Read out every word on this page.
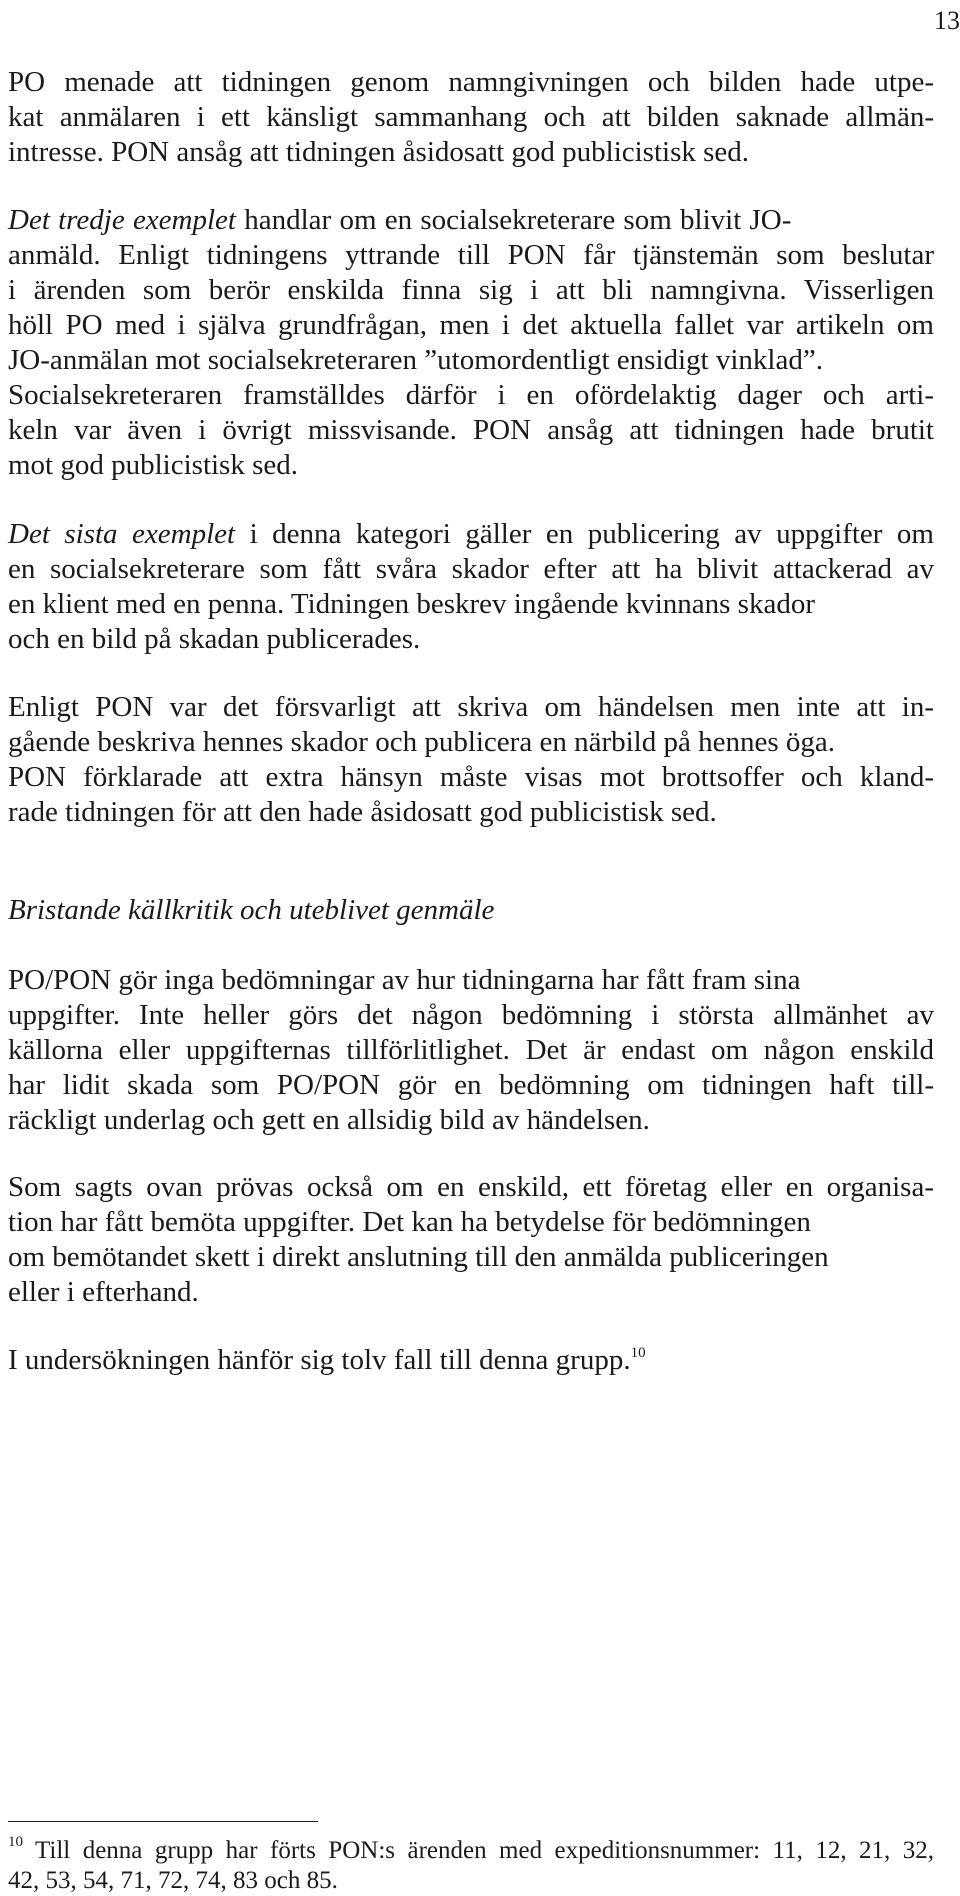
13
PO menade att tidningen genom namngivningen och bilden hade utpe-
kat anmälaren i ett känsligt sammanhang och att bilden saknade allmän-
intresse. PON ansåg att tidningen åsidosatt god publicistisk sed.
Det tredje exemplet handlar om en socialsekreterare som blivit JO-
anmäld. Enligt tidningens yttrande till PON får tjänstemän som beslutar
i ärenden som berör enskilda finna sig i att bli namngivna. Visserligen
höll PO med i själva grundfrågan, men i det aktuella fallet var artikeln om
JO-anmälan mot socialsekreteraren ”utomordentligt ensidigt vinklad”.
Socialsekreteraren framställdes därför i en ofördelaktig dager och arti-
keln var även i övrigt missvisande. PON ansåg att tidningen hade brutit
mot god publicistisk sed.
Det sista exemplet i denna kategori gäller en publicering av uppgifter om
en socialsekreterare som fått svåra skador efter att ha blivit attackerad av
en klient med en penna. Tidningen beskrev ingående kvinnans skador
och en bild på skadan publicerades.
Enligt PON var det försvarligt att skriva om händelsen men inte att in-
gående beskriva hennes skador och publicera en närbild på hennes öga.
PON förklarade att extra hänsyn måste visas mot brottsoffer och kland-
rade tidningen för att den hade åsidosatt god publicistisk sed.
Bristande källkritik och uteblivet genmäle
PO/PON gör inga bedömningar av hur tidningarna har fått fram sina
uppgifter. Inte heller görs det någon bedömning i största allmänhet av
källorna eller uppgifternas tillförlitlighet. Det är endast om någon enskild
har lidit skada som PO/PON gör en bedömning om tidningen haft till-
räckligt underlag och gett en allsidig bild av händelsen.
Som sagts ovan prövas också om en enskild, ett företag eller en organisa-
tion har fått bemöta uppgifter. Det kan ha betydelse för bedömningen
om bemötandet skett i direkt anslutning till den anmälda publiceringen
eller i efterhand.
I undersökningen hänför sig tolv fall till denna grupp.$^{10}$
$^{10}$ Till denna grupp har förts PON:s ärenden med expeditionsnummer: 11, 12, 21, 32,
42, 53, 54, 71, 72, 74, 83 och 85.
